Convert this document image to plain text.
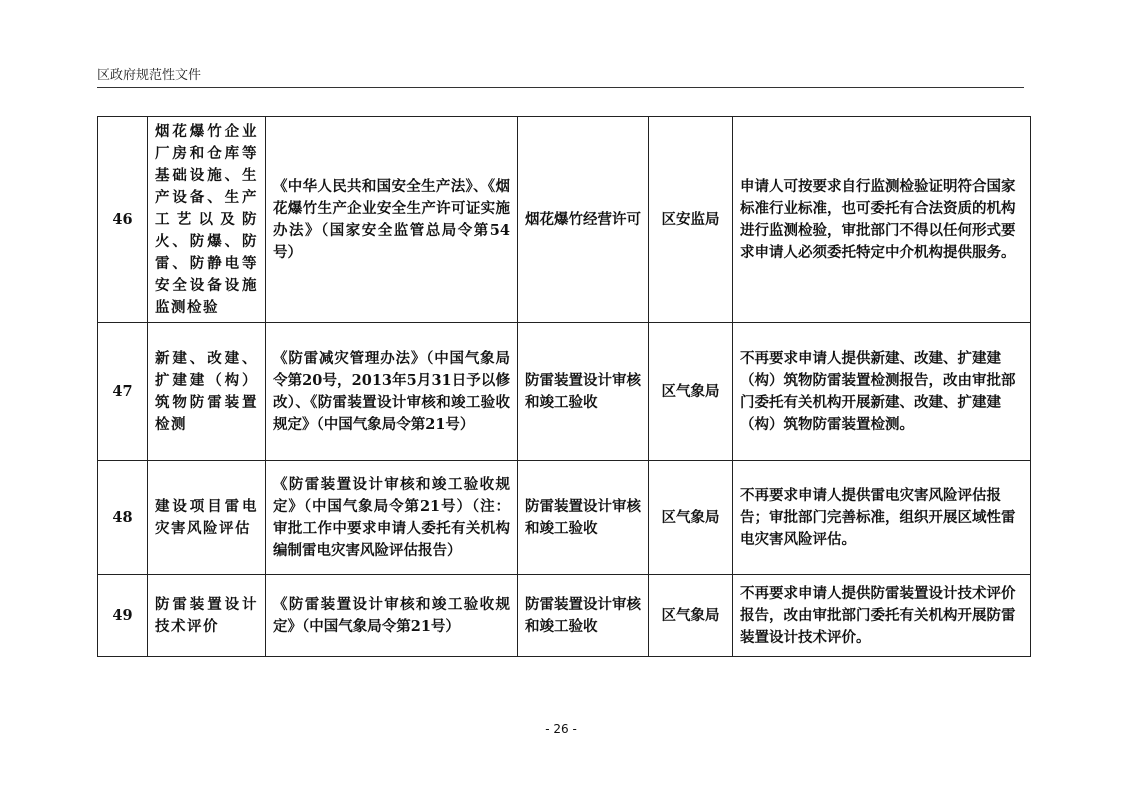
区政府规范性文件
46	烟花爆竹企业厂房和仓库等基础设施、生产设备、生产工艺以及防火、防爆、防雷、防静电等安全设备设施监测检验	《中华人民共和国安全生产法》、《烟花爆竹生产企业安全生产许可证实施办法》（国家安全监管总局令第54号）	烟花爆竹经营许可	区安监局	申请人可按要求自行监测检验证明符合国家标准行业标准，也可委托有合法资质的机构进行监测检验，审批部门不得以任何形式要求申请人必须委托特定中介机构提供服务。
47	新建、改建、扩建建（构）筑物防雷装置检测	《防雷减灾管理办法》（中国气象局令第20号，2013年5月31日予以修改）、《防雷装置设计审核和竣工验收规定》（中国气象局令第21号）	防雷装置设计审核和竣工验收	区气象局	不再要求申请人提供新建、改建、扩建建（构）筑物防雷装置检测报告，改由审批部门委托有关机构开展新建、改建、扩建建（构）筑物防雷装置检测。
48	建设项目雷电灾害风险评估	《防雷装置设计审核和竣工验收规定》（中国气象局令第21号）（注：审批工作中要求申请人委托有关机构编制雷电灾害风险评估报告）	防雷装置设计审核和竣工验收	区气象局	不再要求申请人提供雷电灾害风险评估报告；审批部门完善标准，组织开展区域性雷电灾害风险评估。
49	防雷装置设计技术评价	《防雷装置设计审核和竣工验收规定》（中国气象局令第21号）	防雷装置设计审核和竣工验收	区气象局	不再要求申请人提供防雷装置设计技术评价报告，改由审批部门委托有关机构开展防雷装置设计技术评价。
- 26 -
